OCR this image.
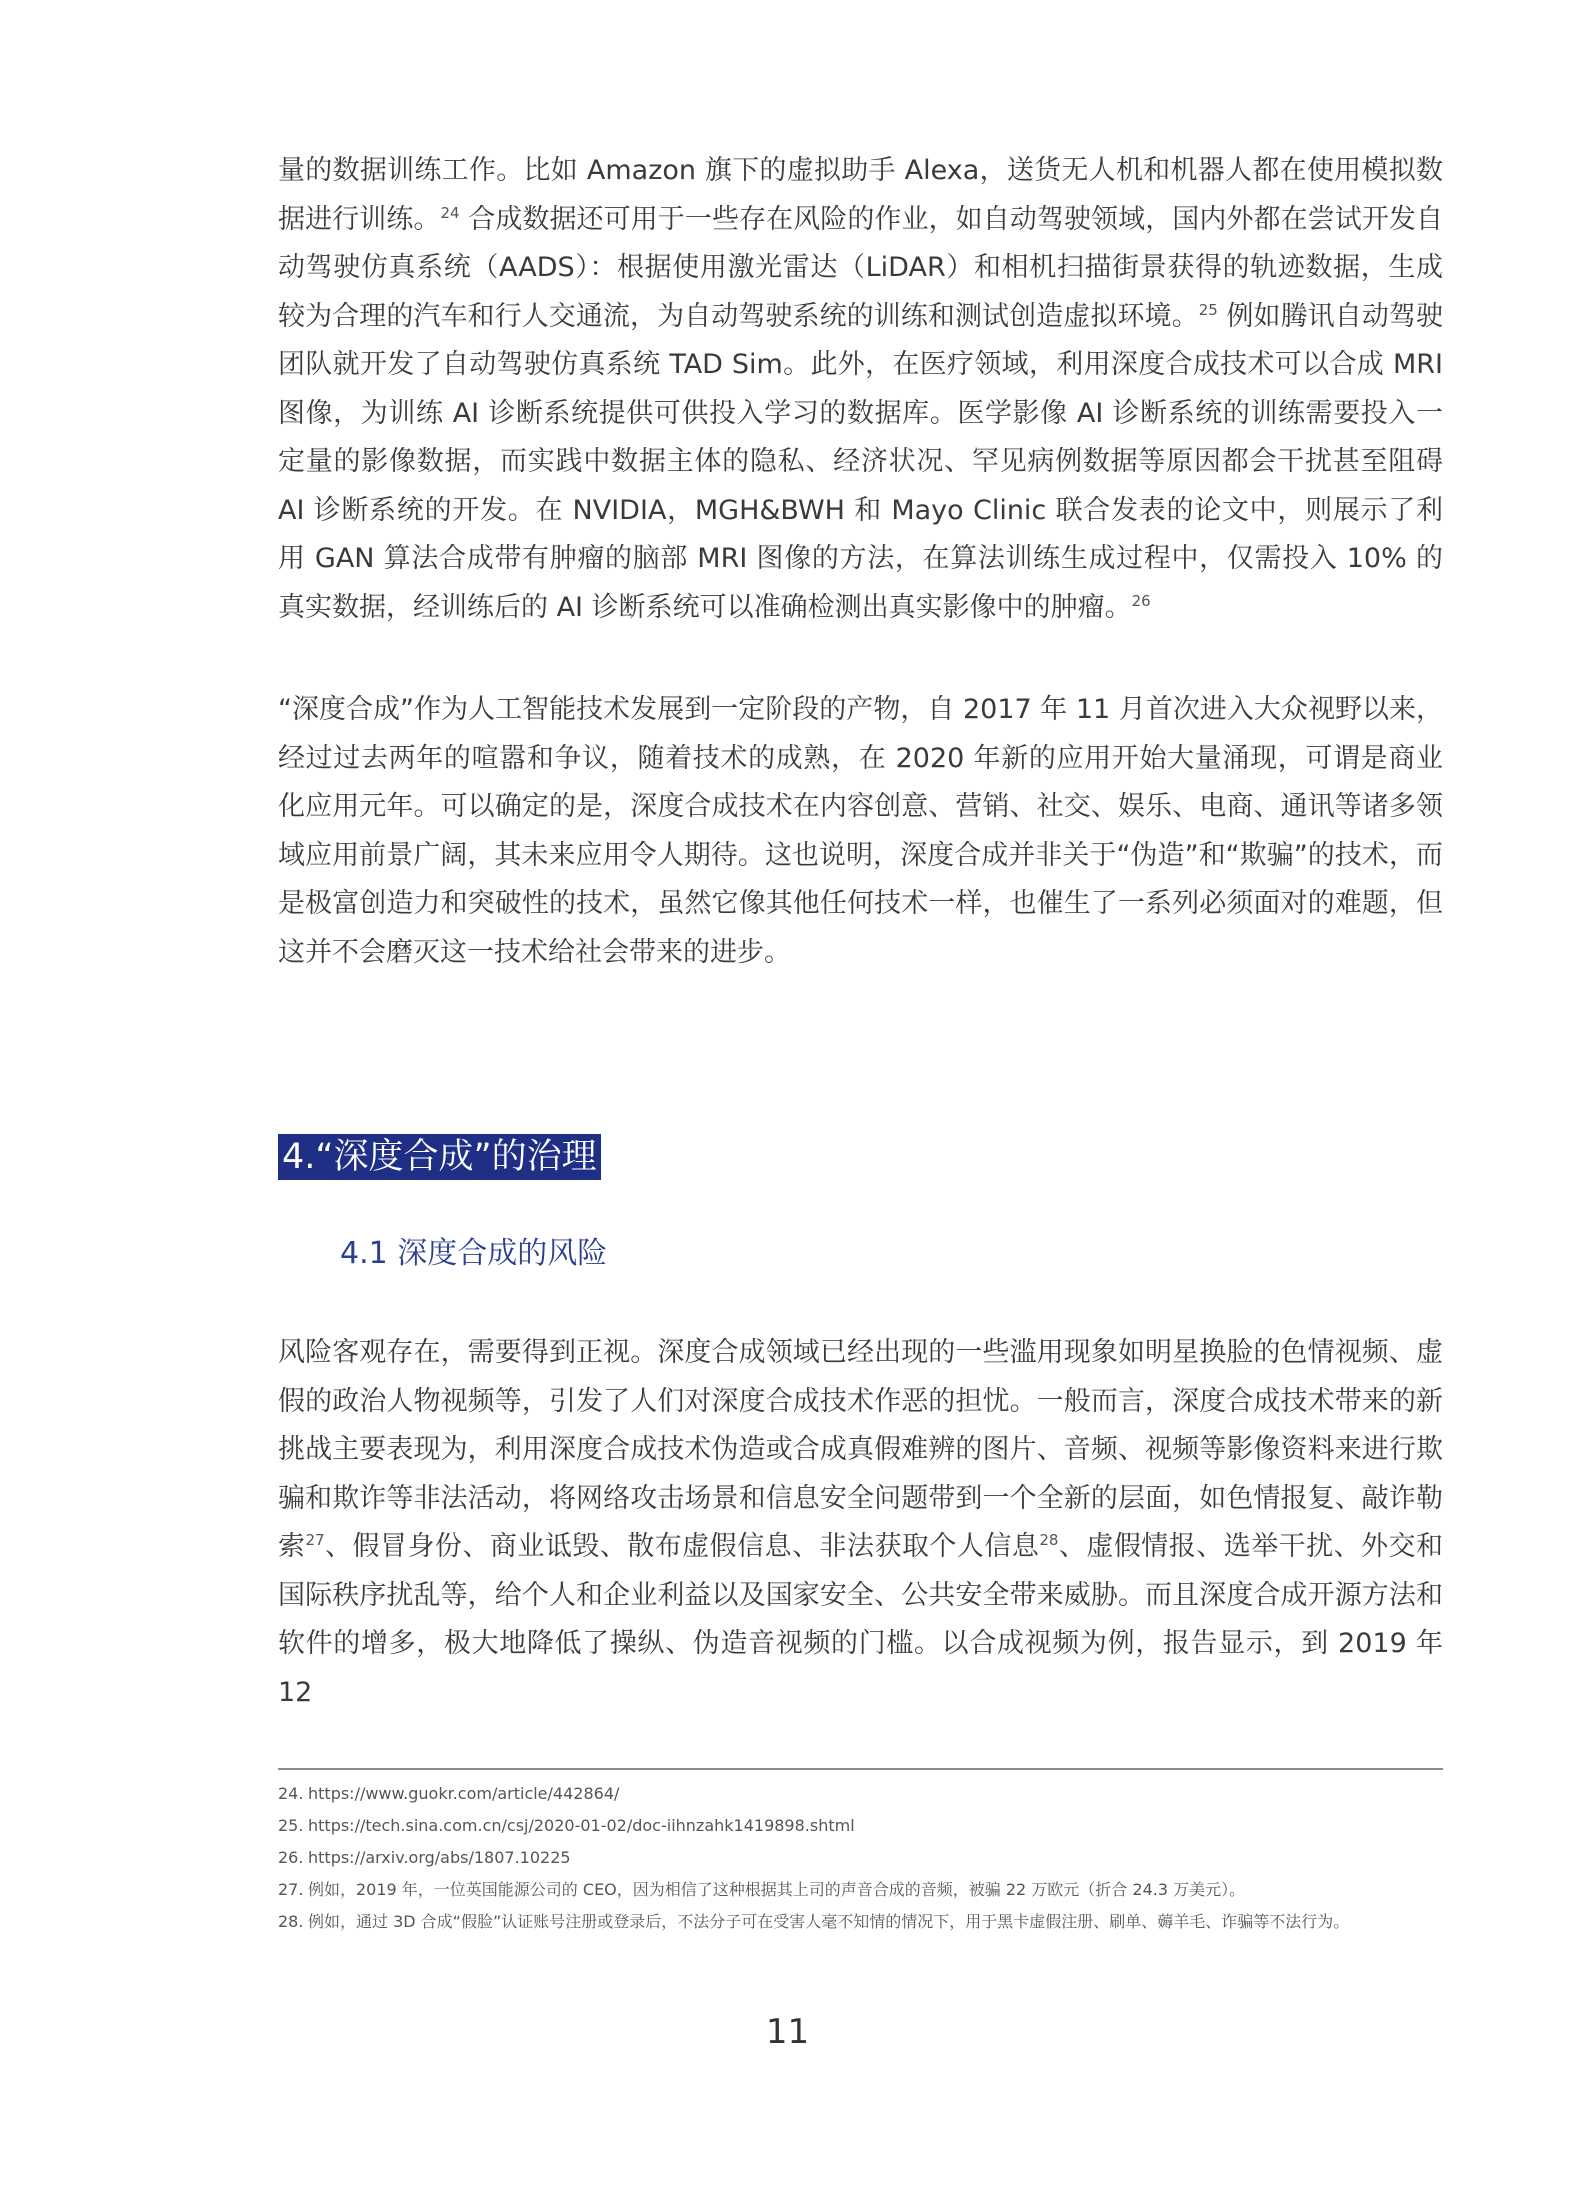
量的数据训练工作。比如 Amazon 旗下的虚拟助手 Alexa，送货无人机和机器人都在使用模拟数据进行训练。$^{24}$ 合成数据还可用于一些存在风险的作业，如自动驾驶领域，国内外都在尝试开发自动驾驶仿真系统（AADS）：根据使用激光雷达（LiDAR）和相机扫描街景获得的轨迹数据，生成较为合理的汽车和行人交通流，为自动驾驶系统的训练和测试创造虚拟环境。$^{25}$ 例如腾讯自动驾驶团队就开发了自动驾驶仿真系统 TAD Sim。此外，在医疗领域，利用深度合成技术可以合成 MRI 图像，为训练 AI 诊断系统提供可供投入学习的数据库。医学影像 AI 诊断系统的训练需要投入一定量的影像数据，而实践中数据主体的隐私、经济状况、罕见病例数据等原因都会干扰甚至阻碍 AI 诊断系统的开发。在 NVIDIA，MGH&BWH 和 Mayo Clinic 联合发表的论文中，则展示了利用 GAN 算法合成带有肿瘤的脑部 MRI 图像的方法，在算法训练生成过程中，仅需投入 10% 的真实数据，经训练后的 AI 诊断系统可以准确检测出真实影像中的肿瘤。$^{26}$

“深度合成”作为人工智能技术发展到一定阶段的产物，自 2017 年 11 月首次进入大众视野以来，经过过去两年的喧嚣和争议，随着技术的成熟，在 2020 年新的应用开始大量涌现，可谓是商业化应用元年。可以确定的是，深度合成技术在内容创意、营销、社交、娱乐、电商、通讯等诸多领域应用前景广阔，其未来应用令人期待。这也说明，深度合成并非关于“伪造”和“欺骗”的技术，而是极富创造力和突破性的技术，虽然它像其他任何技术一样，也催生了一系列必须面对的难题，但这并不会磨灭这一技术给社会带来的进步。

4.“深度合成”的治理
4.1 深度合成的风险

风险客观存在，需要得到正视。深度合成领域已经出现的一些滥用现象如明星换脸的色情视频、虚假的政治人物视频等，引发了人们对深度合成技术作恶的担忧。一般而言，深度合成技术带来的新挑战主要表现为，利用深度合成技术伪造或合成真假难辨的图片、音频、视频等影像资料来进行欺骗和欺诈等非法活动，将网络攻击场景和信息安全问题带到一个全新的层面，如色情报复、敲诈勒索$^{27}$、假冒身份、商业诋毁、散布虚假信息、非法获取个人信息$^{28}$、虚假情报、选举干扰、外交和国际秩序扰乱等，给个人和企业利益以及国家安全、公共安全带来威胁。而且深度合成开源方法和软件的增多，极大地降低了操纵、伪造音视频的门槛。以合成视频为例，报告显示，到 2019 年 12

24. https://www.guokr.com/article/442864/
25. https://tech.sina.com.cn/csj/2020-01-02/doc-iihnzahk1419898.shtml
26. https://arxiv.org/abs/1807.10225
27. 例如，2019 年，一位英国能源公司的 CEO，因为相信了这种根据其上司的声音合成的音频，被骗 22 万欧元（折合 24.3 万美元）。
28. 例如，通过 3D 合成“假脸”认证账号注册或登录后，不法分子可在受害人毫不知情的情况下，用于黑卡虚假注册、刷单、薅羊毛、诈骗等不法行为。

11
